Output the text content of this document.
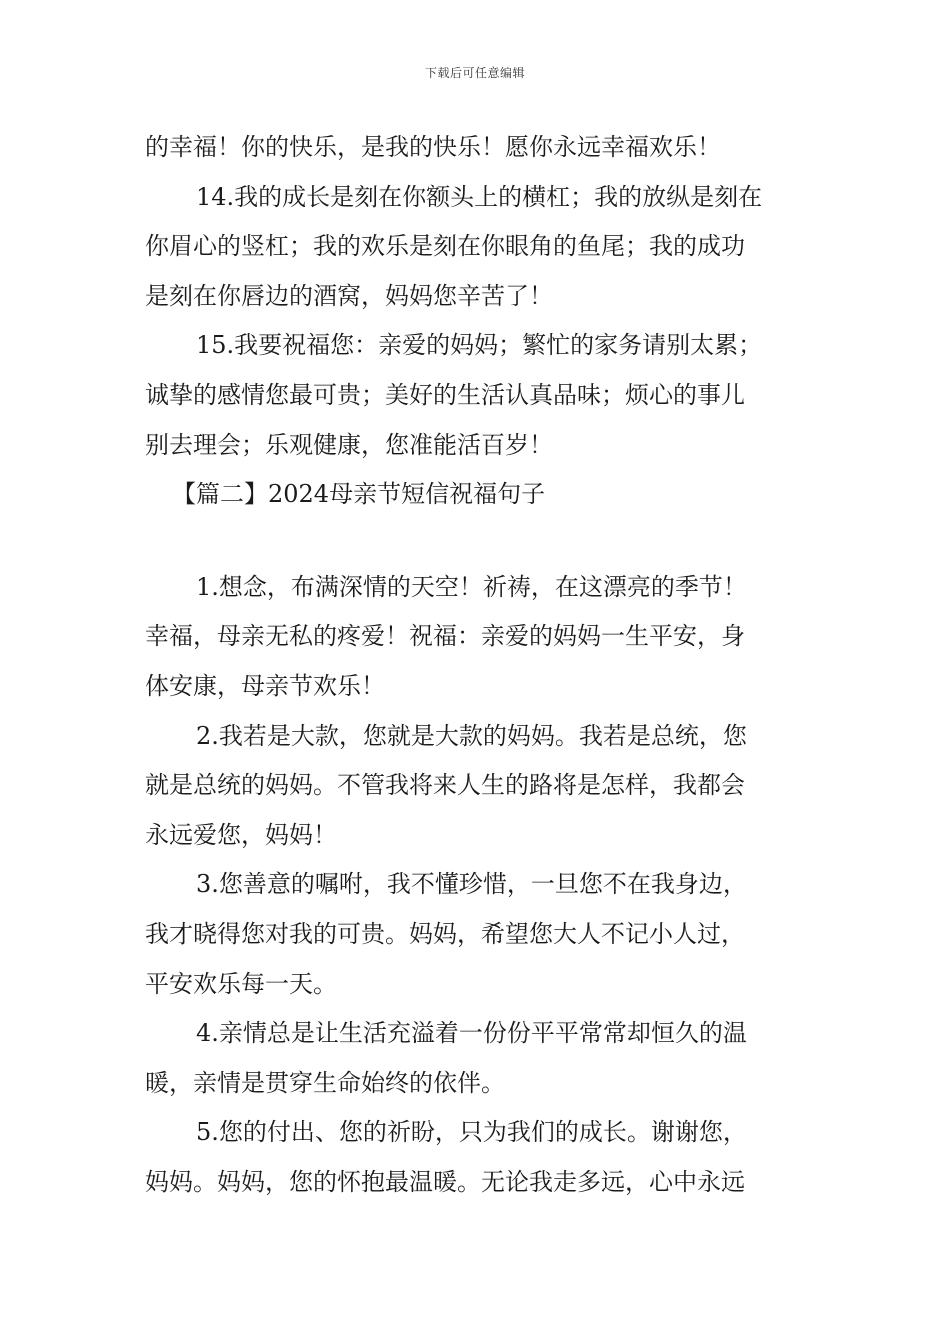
下载后可任意编辑
的幸福！你的快乐，是我的快乐！愿你永远幸福欢乐！
14.我的成长是刻在你额头上的横杠；我的放纵是刻在
你眉心的竖杠；我的欢乐是刻在你眼角的鱼尾；我的成功
是刻在你唇边的酒窝，妈妈您辛苦了！
15.我要祝福您：亲爱的妈妈；繁忙的家务请别太累；
诚挚的感情您最可贵；美好的生活认真品味；烦心的事儿
别去理会；乐观健康，您准能活百岁！
【篇二】2024母亲节短信祝福句子
1.想念，布满深情的天空！祈祷，在这漂亮的季节！
幸福，母亲无私的疼爱！祝福：亲爱的妈妈一生平安，身
体安康，母亲节欢乐！
2.我若是大款，您就是大款的妈妈。我若是总统，您
就是总统的妈妈。不管我将来人生的路将是怎样，我都会
永远爱您，妈妈！
3.您善意的嘱咐，我不懂珍惜，一旦您不在我身边，
我才晓得您对我的可贵。妈妈，希望您大人不记小人过，
平安欢乐每一天。
4.亲情总是让生活充溢着一份份平平常常却恒久的温
暖，亲情是贯穿生命始终的依伴。
5.您的付出、您的祈盼，只为我们的成长。谢谢您，
妈妈。妈妈，您的怀抱最温暖。无论我走多远，心中永远
